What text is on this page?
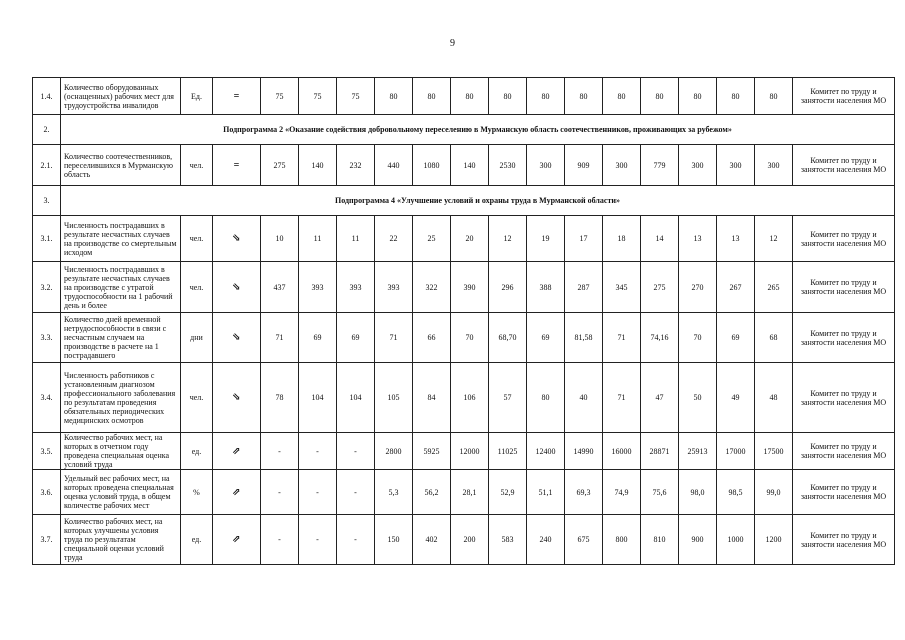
9
1.4.	Количество оборудованных (оснащенных) рабочих мест для трудоустройства инвалидов	Ед.	=	75	75	75	80	80	80	80	80	80	80	80	80	80	80	Комитет по труду и занятости населения МО
2.	Подпрограмма 2 «Оказание содействия добровольному переселению в Мурманскую область соотечественников, проживающих за рубежом»																	
2.1.	Количество соотечественников, переселившихся в Мурманскую область	чел.	=	275	140	232	440	1080	140	2530	300	909	300	779	300	300	300	Комитет по труду и занятости населения МО
3.	Подпрограмма 4 «Улучшение условий и охраны труда в Мурманской области»																	
3.1.	Численность пострадавших в результате несчастных случаев на производстве со смертельным исходом	чел.	⇘	10	11	11	22	25	20	12	19	17	18	14	13	13	12	Комитет по труду и занятости населения МО
3.2.	Численность пострадавших в результате несчастных случаев на производстве с утратой трудоспособности на 1 рабочий день и более	чел.	⇘	437	393	393	393	322	390	296	388	287	345	275	270	267	265	Комитет по труду и занятости населения МО
3.3.	Количество дней временной нетрудоспособности в связи с несчастным случаем на производстве в расчете на 1 пострадавшего	дни	⇘	71	69	69	71	66	70	68,70	69	81,58	71	74,16	70	69	68	Комитет по труду и занятости населения МО
3.4.	Численность работников с установленным диагнозом профессионального заболевания по результатам проведения обязательных периодических медицинских осмотров	чел.	⇘	78	104	104	105	84	106	57	80	40	71	47	50	49	48	Комитет по труду и занятости населения МО
3.5.	Количество рабочих мест, на которых в отчетном году проведена специальная оценка условий труда	ед.	⇗	-	-	-	2800	5925	12000	11025	12400	14990	16000	28871	25913	17000	17500	Комитет по труду и занятости населения МО
3.6.	Удельный вес рабочих мест, на которых проведена специальная оценка условий труда, в общем количестве рабочих мест	%	⇗	-	-	-	5,3	56,2	28,1	52,9	51,1	69,3	74,9	75,6	98,0	98,5	99,0	Комитет по труду и занятости населения МО
3.7.	Количество рабочих мест, на которых улучшены условия труда по результатам специальной оценки условий труда	ед.	⇗	-	-	-	150	402	200	583	240	675	800	810	900	1000	1200	Комитет по труду и занятости населения МО
